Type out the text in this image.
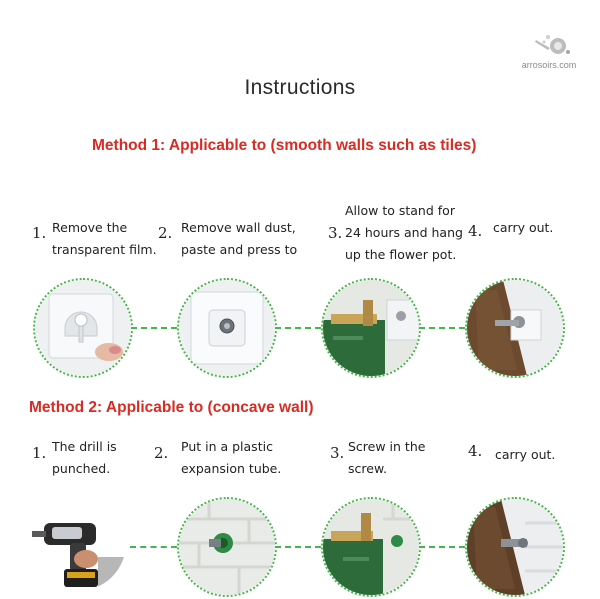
arrosoirs.com
Instructions
Method 1: Applicable to (smooth walls such as tiles)
1. Remove the
transparent film.
2. Remove wall dust,
paste and press to
3.
Allow to stand for
24 hours and hang
up the flower pot.
4. carry out.
Method 2: Applicable to (concave wall)
1. The drill is
punched.
2. Put in a plastic
expansion tube.
3. Screw in the
screw.
4. carry out.
